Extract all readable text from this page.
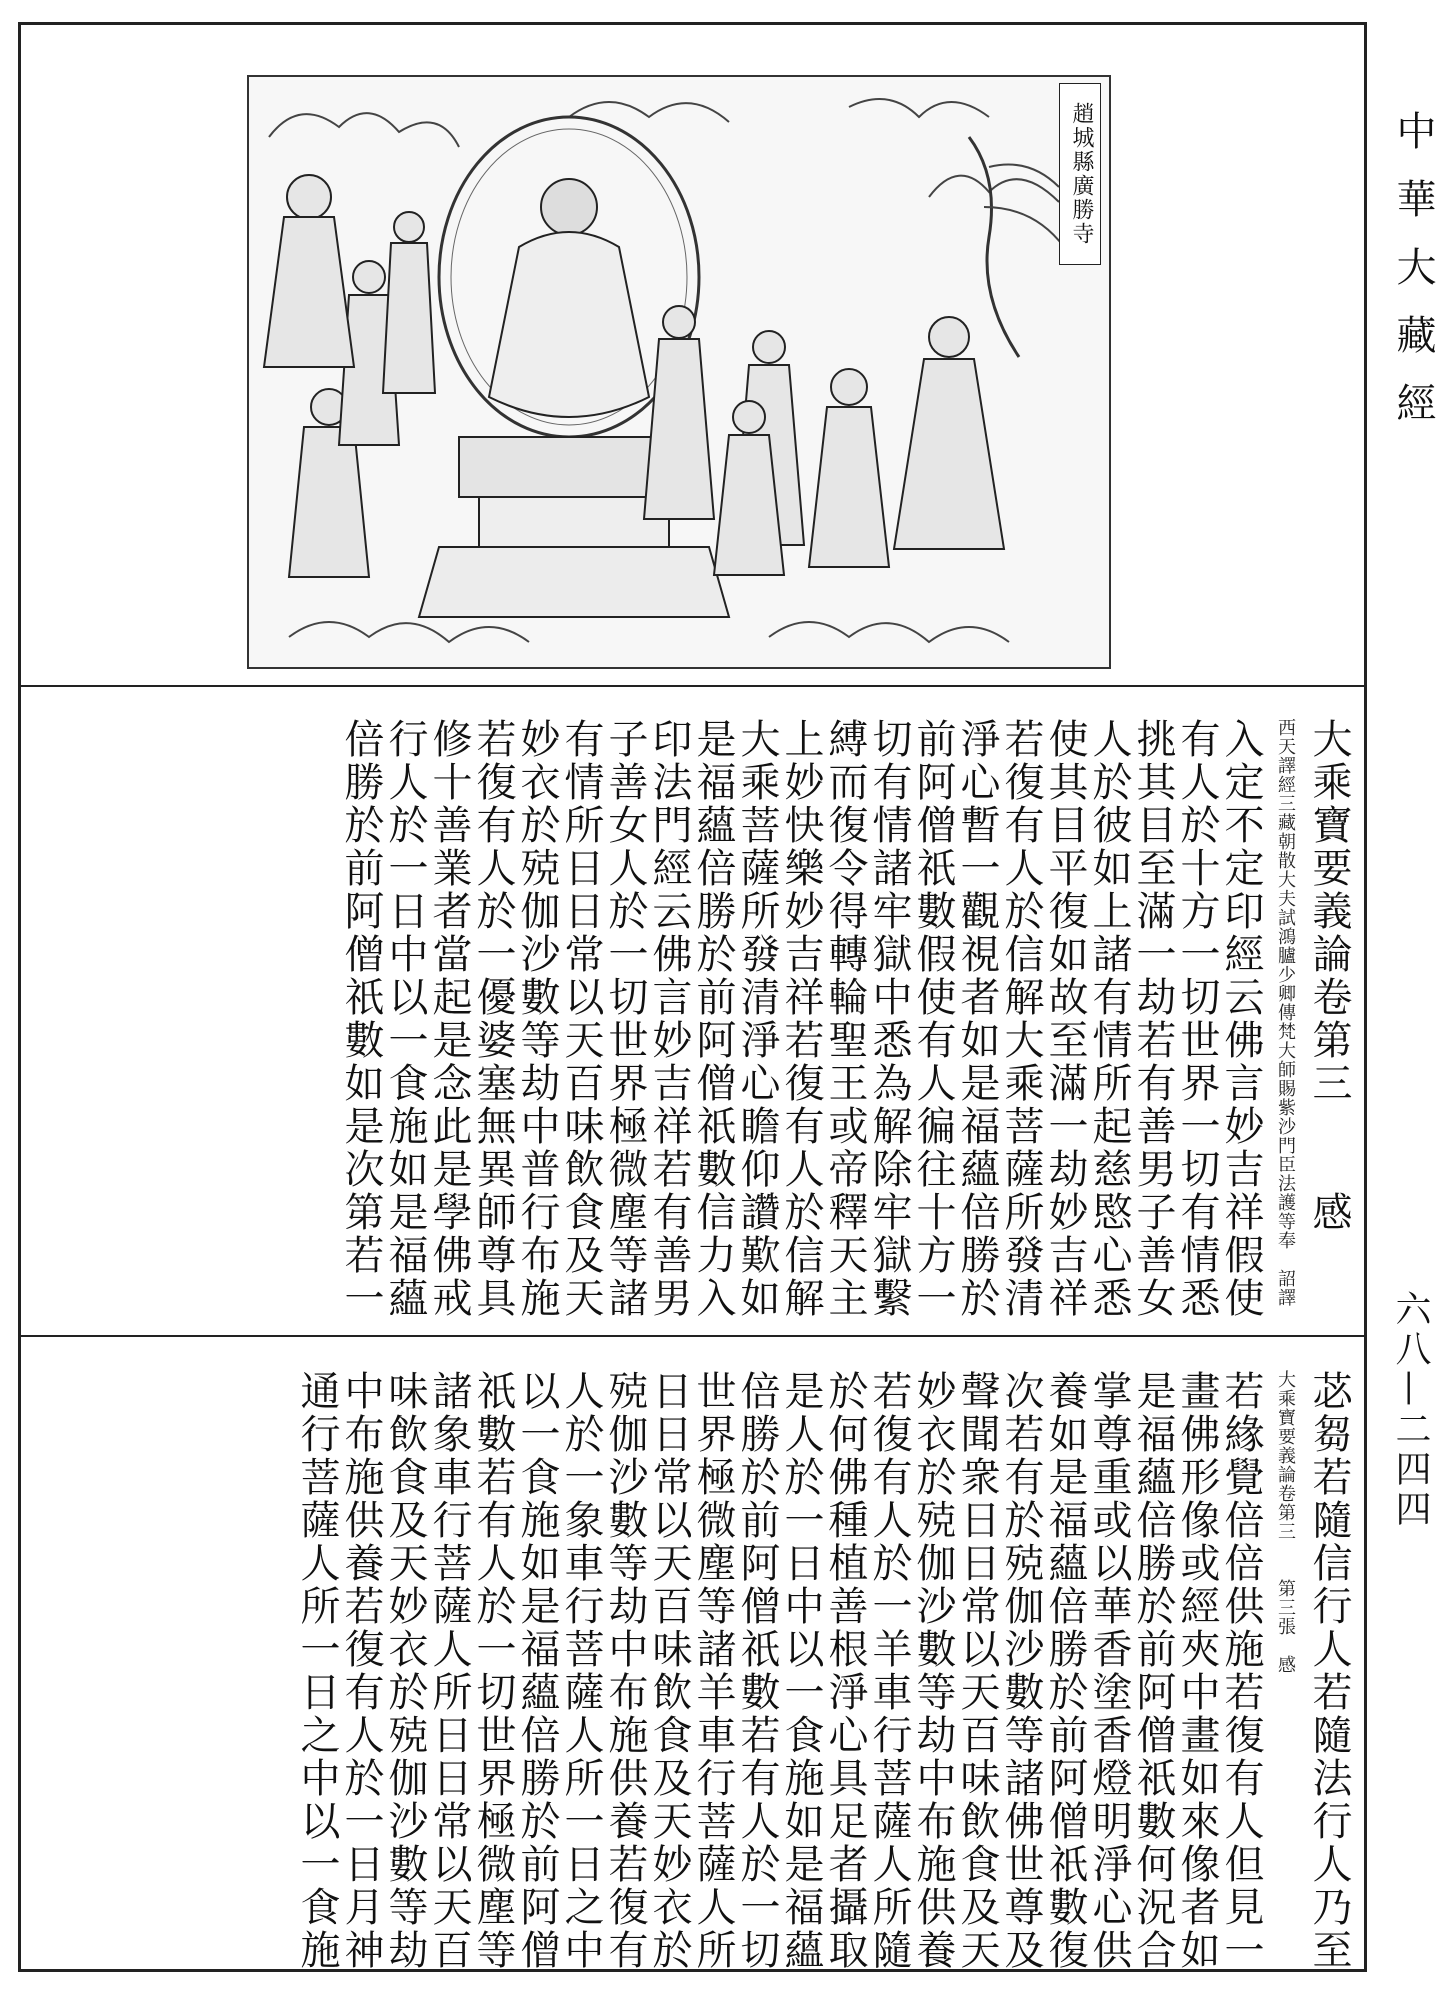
趙城縣廣勝寺
大乘寶要義論卷第三　　感
西天譯經三藏朝散大夫試鴻臚少卿傳梵大師賜紫沙門臣法護等奉　詔譯
入定不定印經云佛言妙吉祥假使
有人於十方一切世界一切有情悉
挑其目至滿一劫若有善男子善女
人於彼如上諸有情所起慈愍心悉
使其目平復如故至滿一劫妙吉祥
若復有人於信解大乘菩薩所發清
淨心暫一觀視者如是福蘊倍勝於
前阿僧祇數假使有人徧往十方一
切有情諸牢獄中悉為解除牢獄繫
縛而復令得轉輪聖王或帝釋天主
上妙快樂妙吉祥若復有人於信解
大乘菩薩所發清淨心瞻仰讚歎如
是福蘊倍勝於前阿僧祇數信力入
印法門經云佛言妙吉祥若有善男
子善女人於一切世界極微塵等諸
有情所日日常以天百味飲食及天
妙衣於殑伽沙數等劫中普行布施
若復有人於一優婆塞無異師尊具
修十善業者當起是念此是學佛戒
行人於一日中以一食施如是福蘊
倍勝於前阿僧祇數如是次第若一
苾芻若隨信行人若隨法行人乃至
大乘寶要義論卷第三　　第三張　感
若緣覺倍倍供施若復有人但見一
畫佛形像或經夾中畫如來像者如
是福蘊倍勝於前阿僧祇數何況合
掌尊重或以華香塗香燈明淨心供
養如是福蘊倍勝於前阿僧祇數復
次若有於殑伽沙數等諸佛世尊及
聲聞衆日日常以天百味飲食及天
妙衣於殑伽沙數等劫中布施供養
若復有人於一羊車行菩薩人所隨
於何佛種植善根淨心具足者攝取
是人於一日中以一食施如是福蘊
倍勝於前阿僧祇數若有人於一切
世界極微塵等諸羊車行菩薩人所
日日常以天百味飲食及天妙衣於
殑伽沙數等劫中布施供養若復有
人於一象車行菩薩人所一日之中
以一食施如是福蘊倍勝於前阿僧
祇數若有人於一切世界極微塵等
諸象車行菩薩人所日日常以天百
味飲食及天妙衣於殑伽沙數等劫
中布施供養若復有人於一日月神
通行菩薩人所一日之中以一食施
中華大藏經
六八—二四四
